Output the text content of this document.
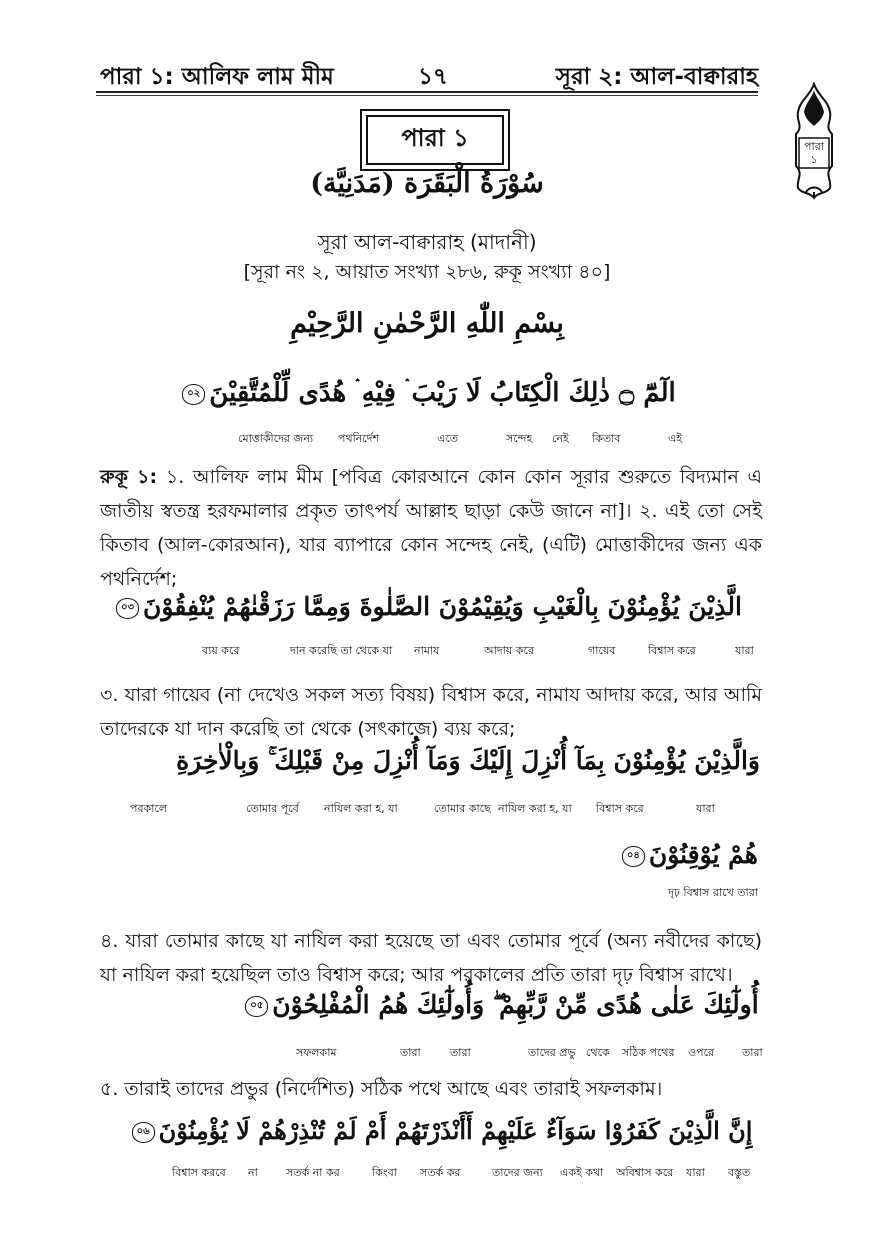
পারা ১: আলিফ লাম মীম	১৭	সূরা ২: আল-বাক্বারাহ
পারা
১
পারা ১
سُوْرَةُ الْبَقَرَة (مَدَنِيَّة)
সূরা আল-বাক্বারাহ (মাদানী)
[সূরা নং ২, আয়াত সংখ্যা ২৮৬, রুকূ সংখ্যা ৪০]
بِسْمِ اللّٰهِ الرَّحْمٰنِ الرَّحِيْمِ
الٓمّٓ ۝ ذٰلِكَ الْكِتَابُ لَا رَيْبَ ۛ فِيْهِ ۛ هُدًى لِّلْمُتَّقِيْنَ০২
মোত্তাকীদের জন্য পথনির্দেশ	এতে	সন্দেহ নেই কিতাব	এই
রুকূ ১: ১. আলিফ লাম মীম [পবিত্র কোরআনে কোন কোন সূরার শুরুতে বিদ্যমান এ জাতীয় স্বতন্ত্র হরফমালার প্রকৃত তাৎপর্য আল্লাহ ছাড়া কেউ জানে না]। ২. এই তো সেই কিতাব (আল-কোরআন), যার ব্যাপারে কোন সন্দেহ নেই, (এটি) মোত্তাকীদের জন্য এক পথনির্দেশ;
الَّذِيْنَ يُؤْمِنُوْنَ بِالْغَيْبِ وَيُقِيْمُوْنَ الصَّلٰوةَ وَمِمَّا رَزَقْنٰهُمْ يُنْفِقُوْنَ০৩
ব্যয় করে	দান করেছি তা থেকে যা নামায	আদায় করে	গায়েব	বিশ্বাস করে	যারা
৩. যারা গায়েব (না দেখেও সকল সত্য বিষয়) বিশ্বাস করে, নামায আদায় করে, আর আমি তাদেরকে যা দান করেছি তা থেকে (সৎকাজে) ব্যয় করে;
وَالَّذِيْنَ يُؤْمِنُوْنَ بِمَآ أُنْزِلَ إِلَيْكَ وَمَآ أُنْزِلَ مِنْ قَبْلِكَ ۚ وَبِالْاٰخِرَةِ
পরকালে	তোমার পূর্বে নাযিল করা হ, যা	তোমার কাছে নাযিল করা হ, যা বিশ্বাস করে	যারা
هُمْ يُوْقِنُوْنَ০৪
দৃঢ় বিশ্বাস রাখে তারা
৪. যারা তোমার কাছে যা নাযিল করা হয়েছে তা এবং তোমার পূর্বে (অন্য নবীদের কাছে) যা নাযিল করা হয়েছিল তাও বিশ্বাস করে; আর পরকালের প্রতি তারা দৃঢ় বিশ্বাস রাখে।
أُولٰٓئِكَ عَلٰى هُدًى مِّنْ رَّبِّهِمْ ۖ وَأُولٰٓئِكَ هُمُ الْمُفْلِحُوْنَ০৫
সফলকাম	তারা	তারা	তাদের প্রভু থেকে সঠিক পথের ওপরে	তারা
৫. তারাই তাদের প্রভুর (নির্দেশিত) সঠিক পথে আছে এবং তারাই সফলকাম।
إِنَّ الَّذِيْنَ كَفَرُوْا سَوَآءٌ عَلَيْهِمْ أَأَنْذَرْتَهُمْ أَمْ لَمْ تُنْذِرْهُمْ لَا يُؤْمِنُوْنَ০৬
বিশ্বাস করবে না	সতর্ক না কর	কিংবা সতর্ক কর	তাদের জন্য একই কথা অবিশ্বাস করে যারা বস্তুত
